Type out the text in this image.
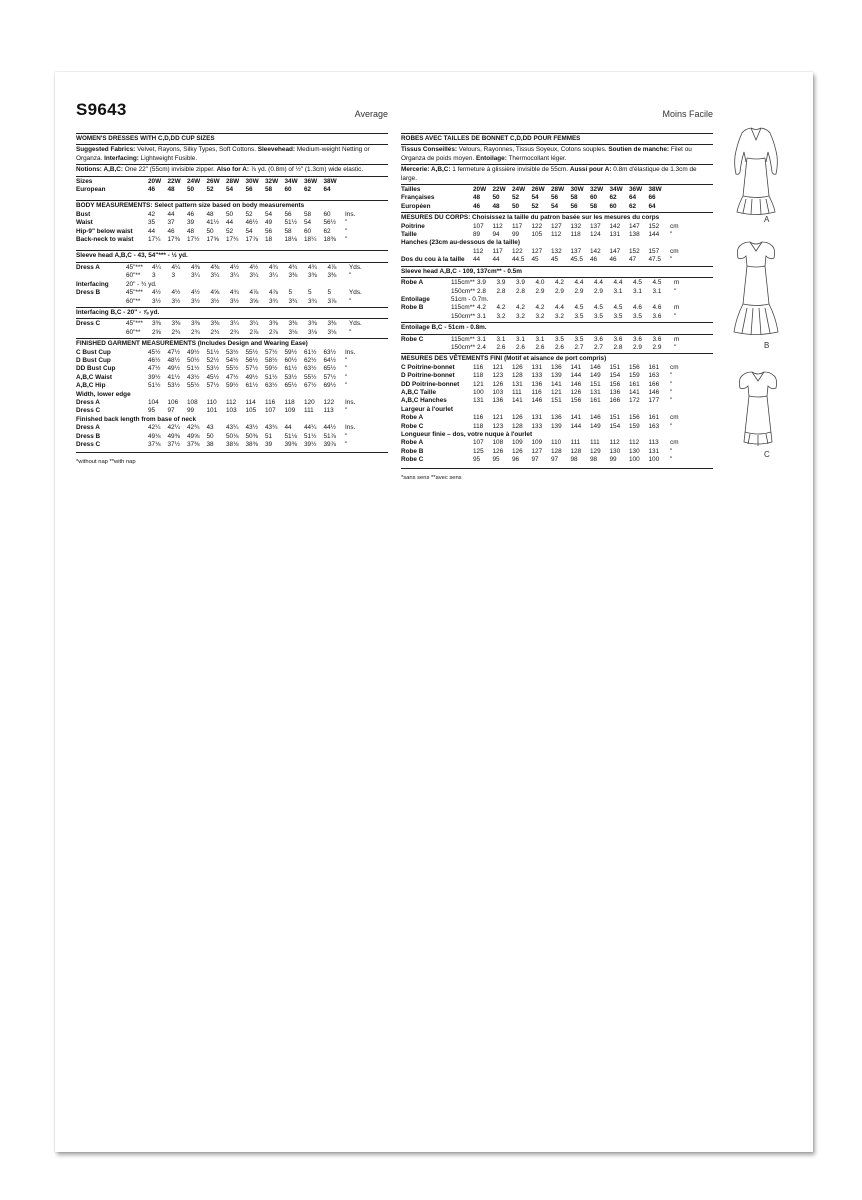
S9643	Average
WOMEN'S DRESSES WITH C,D,DD CUP SIZES

Suggested Fabrics: Velvet, Rayons, Silky Types, Soft Cottons. Sleevehead: Medium-weight Netting or Organza. Interfacing: Lightweight Fusible.

Notions: A,B,C: One 22" (55cm) invisible zipper. Also for A: ⅞ yd. (0.8m) of ½" (1.3cm) wide elastic.

Sizes	20W 22W 24W 26W 28W 30W 32W 34W 36W 38W
European	46	48	50	52	54	56	58	60	62	64
BODY MEASUREMENTS: Select pattern size based on body measurements
Bust	42	44	46	48	50	52	54	56	58	60	Ins.
Waist	35	37	39	41½	44	46½	49	51½	54	56½	"
Hip-9" below waist	44	46	48	50	52	54	56	58	60	62	"
Back-neck to waist	17¼	17⅜	17½	17⅝	17¾	17⅞	18	18⅛	18¼	18⅜	"
Sleeve head A,B,C - 43, 54"*** - ½ yd.
Dress A	45"***	4¼	4¼	4⅜	4⅜	4½	4½	4¾	4¾	4¾	4⅞	Yds.
60"**	3	3	3¼	3¼	3¼	3¼	3¼	3⅜	3⅜	3⅜	"
Interfacing	20" - ¾ yd.
Dress B	45"***	4½	4½	4½	4⅝	4¾	4⅞	4⅞	5	5	5	Yds.
60"**	3½	3½	3½	3½	3½	3⅝	3¾	3¾	3¾	3⅞	"
Interfacing B,C - 20" - ⅞ yd.
Dress C	45"***	3⅜	3⅜	3⅜	3⅜	3¼	3¼	3⅜	3⅜	3⅜	3⅜	Yds.
60"**	2⅝	2¾	2¾	2¾	2¾	2⅞	2⅞	3⅛	3⅛	3⅛	"
FINISHED GARMENT MEASUREMENTS (Includes Design and Wearing Ease)
C Bust Cup	45½	47½	49½	51½	53½	55½	57½	59½	61½	63½	Ins.
D Bust Cup	46½	48½	50½	52½	54½	56½	58½	60½	62½	64½	"
DD Bust Cup	47½	49½	51½	53½	55½	57½	59½	61½	63½	65½	"
A,B,C Waist	39½	41½	43½	45½	47½	49½	51½	53½	55½	57½	"
A,B,C Hip	51½	53½	55½	57½	59½	61½	63½	65½	67½	69½	"
Width, lower edge
Dress A	104	106	108	110	112	114	116	118	120	122	Ins.
Dress C	95	97	99	101	103	105	107	109	111	113	"
Finished back length from base of neck
Dress A	42¼	42¼	42¾	43	43¼	43½	43¾	44	44¼	44½	Ins.
Dress B	49⅛	49⅜	49⅝	50	50⅛	50⅜	51	51⅛	51½	51⅞	"
Dress C	37⅛	37½	37⅜	38	38⅛	38⅜	39	39⅜	39½	39⅞	"
*without nap **with nap
Moins Facile
ROBES AVEC TAILLES DE BONNET C,D,DD POUR FEMMES

Tissus Conseillés: Velours, Rayonnes, Tissus Soyeux, Cotons souples. Soutien de manche: Filet ou Organza de poids moyen. Entoilage: Thermocollant léger.

Mercerie: A,B,C: 1 fermeture à glissière invisible de 55cm. Aussi pour A: 0.8m d'élastique de 1.3cm de large.

Tailles	20W 22W 24W 26W 28W 30W 32W 34W 36W 38W
Françaises	48	50	52	54	56	58	60	62	64	66
Européen	46	48	50	52	54	56	58	60	62	64
MESURES DU CORPS: Choisissez la taille du patron basée sur les mesures du corps
Poitrine	107	112	117	122	127	132	137	142	147	152	cm
Taille	89	94	99	105	112	118	124	131	138	144	"
Hanches (23cm au-dessous de la taille)
112	117	122	127	132	137	142	147	152	157	cm
Dos du cou à la taille	44	44	44.5	45	45	45.5	46	46	47	47.5	"
Sleeve head A,B,C - 109, 137cm** - 0.5m
Robe A	115cm** 3.9	3.9	3.9	4.0	4.2	4.4	4.4	4.4	4.5	4.5	m
150cm** 2.8	2.8	2.8	2.9	2.9	2.9	2.9	3.1	3.1	3.1	"
Entoilage	51cm - 0.7m.
Robe B	115cm** 4.2	4.2	4.2	4.2	4.4	4.5	4.5	4.5	4.6	4.6	m
150cm** 3.1	3.2	3.2	3.2	3.2	3.5	3.5	3.5	3.5	3.6	"
Entoilage B,C - 51cm - 0.8m.
Robe C	115cm** 3.1	3.1	3.1	3.1	3.5	3.5	3.6	3.6	3.6	3.6	m
150cm** 2.4	2.6	2.6	2.6	2.6	2.7	2.7	2.8	2.9	2.9	"
MESURES DES VÊTEMENTS FINI (Motif et aisance de port compris)
C Poitrine-bonnet	116	121	126	131	136	141	146	151	156	161	cm
D Poitrine-bonnet	118	123	128	133	139	144	149	154	159	163	"
DD Poitrine-bonnet	121	126	131	136	141	146	151	156	161	166	"
A,B,C Taille	100	103	111	116	121	126	131	136	141	146	"
A,B,C Hanches	131	136	141	146	151	156	161	166	172	177	"
Largeur à l'ourlet
Robe A	116	121	126	131	136	141	146	151	156	161	cm
Robe C	118	123	128	133	139	144	149	154	159	163	"
Longueur finie – dos, votre nuque à l'ourlet
Robe A	107	108	109	109	110	111	111	112	112	113	cm
Robe B	125	126	126	127	128	128	129	130	130	131	"
Robe C	95	95	96	97	97	98	98	99	100	100	"
*sans sens **avec sens
A
B
C
